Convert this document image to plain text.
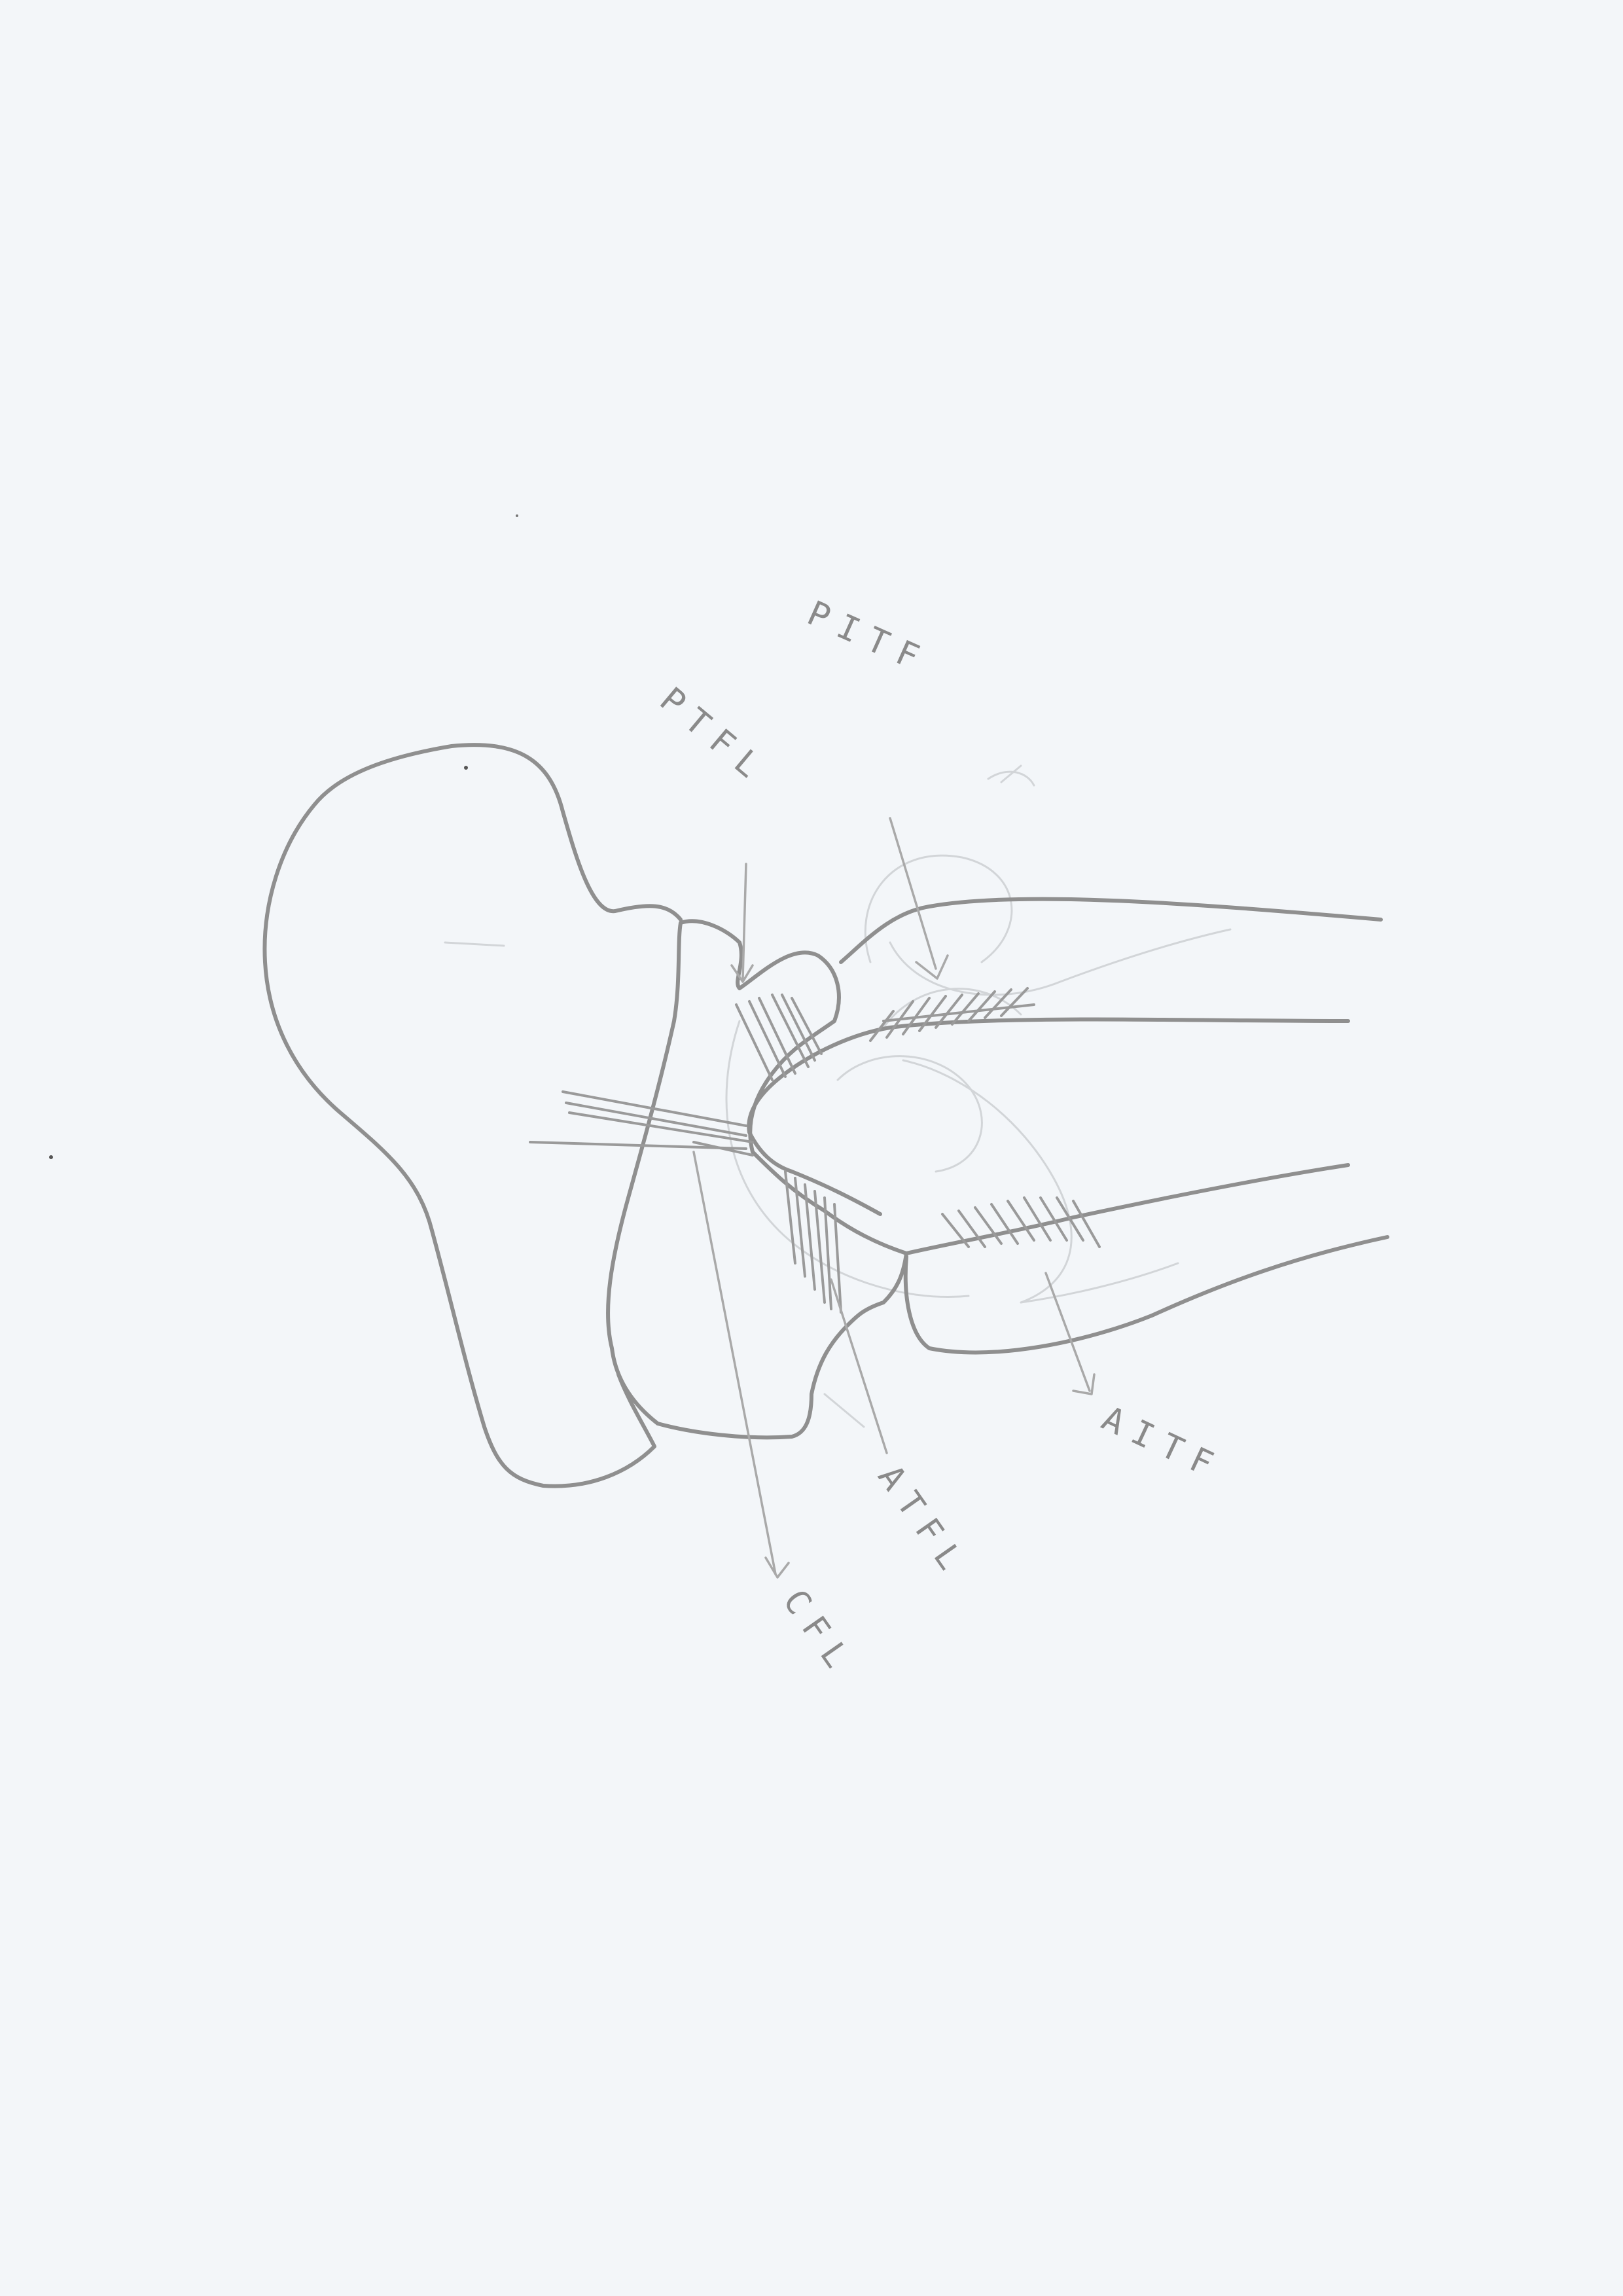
PITF
PTFL
AITF
ATFL
CFL
